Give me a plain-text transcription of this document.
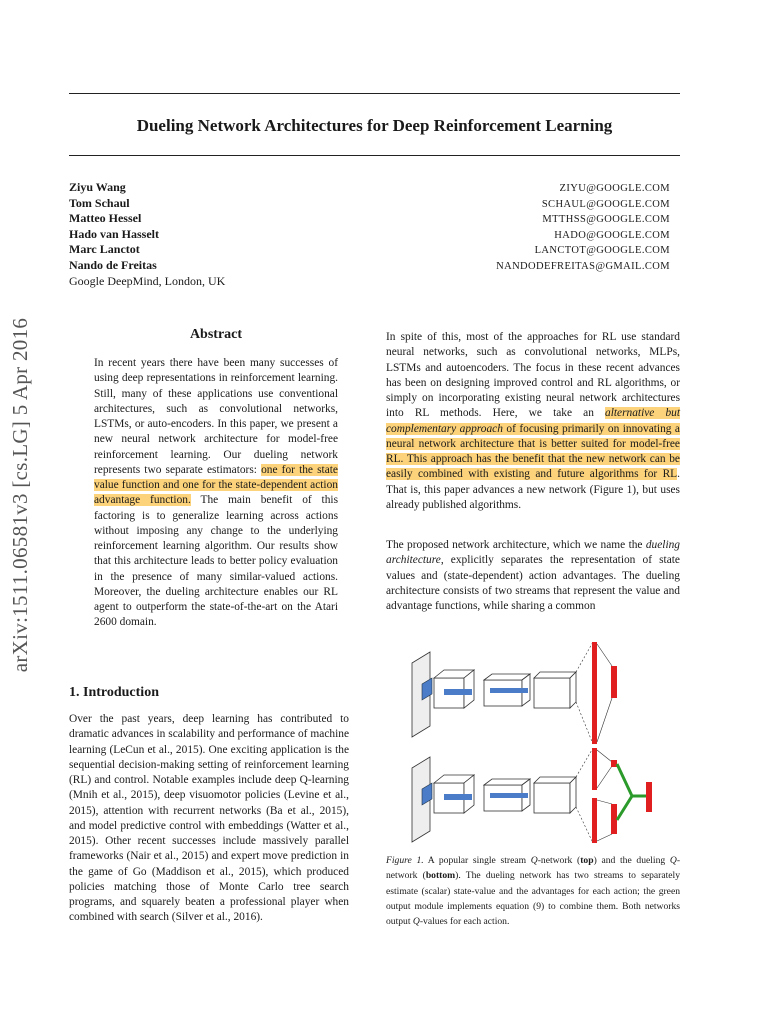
Dueling Network Architectures for Deep Reinforcement Learning
Ziyu Wang
Tom Schaul
Matteo Hessel
Hado van Hasselt
Marc Lanctot
Nando de Freitas
Google DeepMind, London, UK
ZIYU@GOOGLE.COM
SCHAUL@GOOGLE.COM
MTTHSS@GOOGLE.COM
HADO@GOOGLE.COM
LANCTOT@GOOGLE.COM
NANDODEFREITAS@GMAIL.COM
arXiv:1511.06581v3 [cs.LG] 5 Apr 2016	Abstract
In recent years there have been many successes of using deep representations in reinforcement learning. Still, many of these applications use conventional architectures, such as convolutional networks, LSTMs, or auto-encoders. In this paper, we present a new neural network architecture for model-free reinforcement learning. Our dueling network represents two separate estimators: one for the state value function and one for the state-dependent action advantage function. The main benefit of this factoring is to generalize learning across actions without imposing any change to the underlying reinforcement learning algorithm. Our results show that this architecture leads to better policy evaluation in the presence of many similar-valued actions. Moreover, the dueling architecture enables our RL agent to outperform the state-of-the-art on the Atari 2600 domain.
1. Introduction
Over the past years, deep learning has contributed to dramatic advances in scalability and performance of machine learning (LeCun et al., 2015). One exciting application is the sequential decision-making setting of reinforcement learning (RL) and control. Notable examples include deep Q-learning (Mnih et al., 2015), deep visuomotor policies (Levine et al., 2015), attention with recurrent networks (Ba et al., 2015), and model predictive control with embeddings (Watter et al., 2015). Other recent successes include massively parallel frameworks (Nair et al., 2015) and expert move prediction in the game of Go (Maddison et al., 2015), which produced policies matching those of Monte Carlo tree search programs, and squarely beaten a professional player when combined with search (Silver et al., 2016).
In spite of this, most of the approaches for RL use standard neural networks, such as convolutional networks, MLPs, LSTMs and autoencoders. The focus in these recent advances has been on designing improved control and RL algorithms, or simply on incorporating existing neural network architectures into RL methods. Here, we take an alternative but complementary approach of focusing primarily on innovating a neural network architecture that is better suited for model-free RL. This approach has the benefit that the new network can be easily combined with existing and future algorithms for RL. That is, this paper advances a new network (Figure 1), but uses already published algorithms.
The proposed network architecture, which we name the dueling architecture, explicitly separates the representation of state values and (state-dependent) action advantages. The dueling architecture consists of two streams that represent the value and advantage functions, while sharing a common
Figure 1. A popular single stream Q-network (top) and the dueling Q-network (bottom). The dueling network has two streams to separately estimate (scalar) state-value and the advantages for each action; the green output module implements equation (9) to combine them. Both networks output Q-values for each action.
